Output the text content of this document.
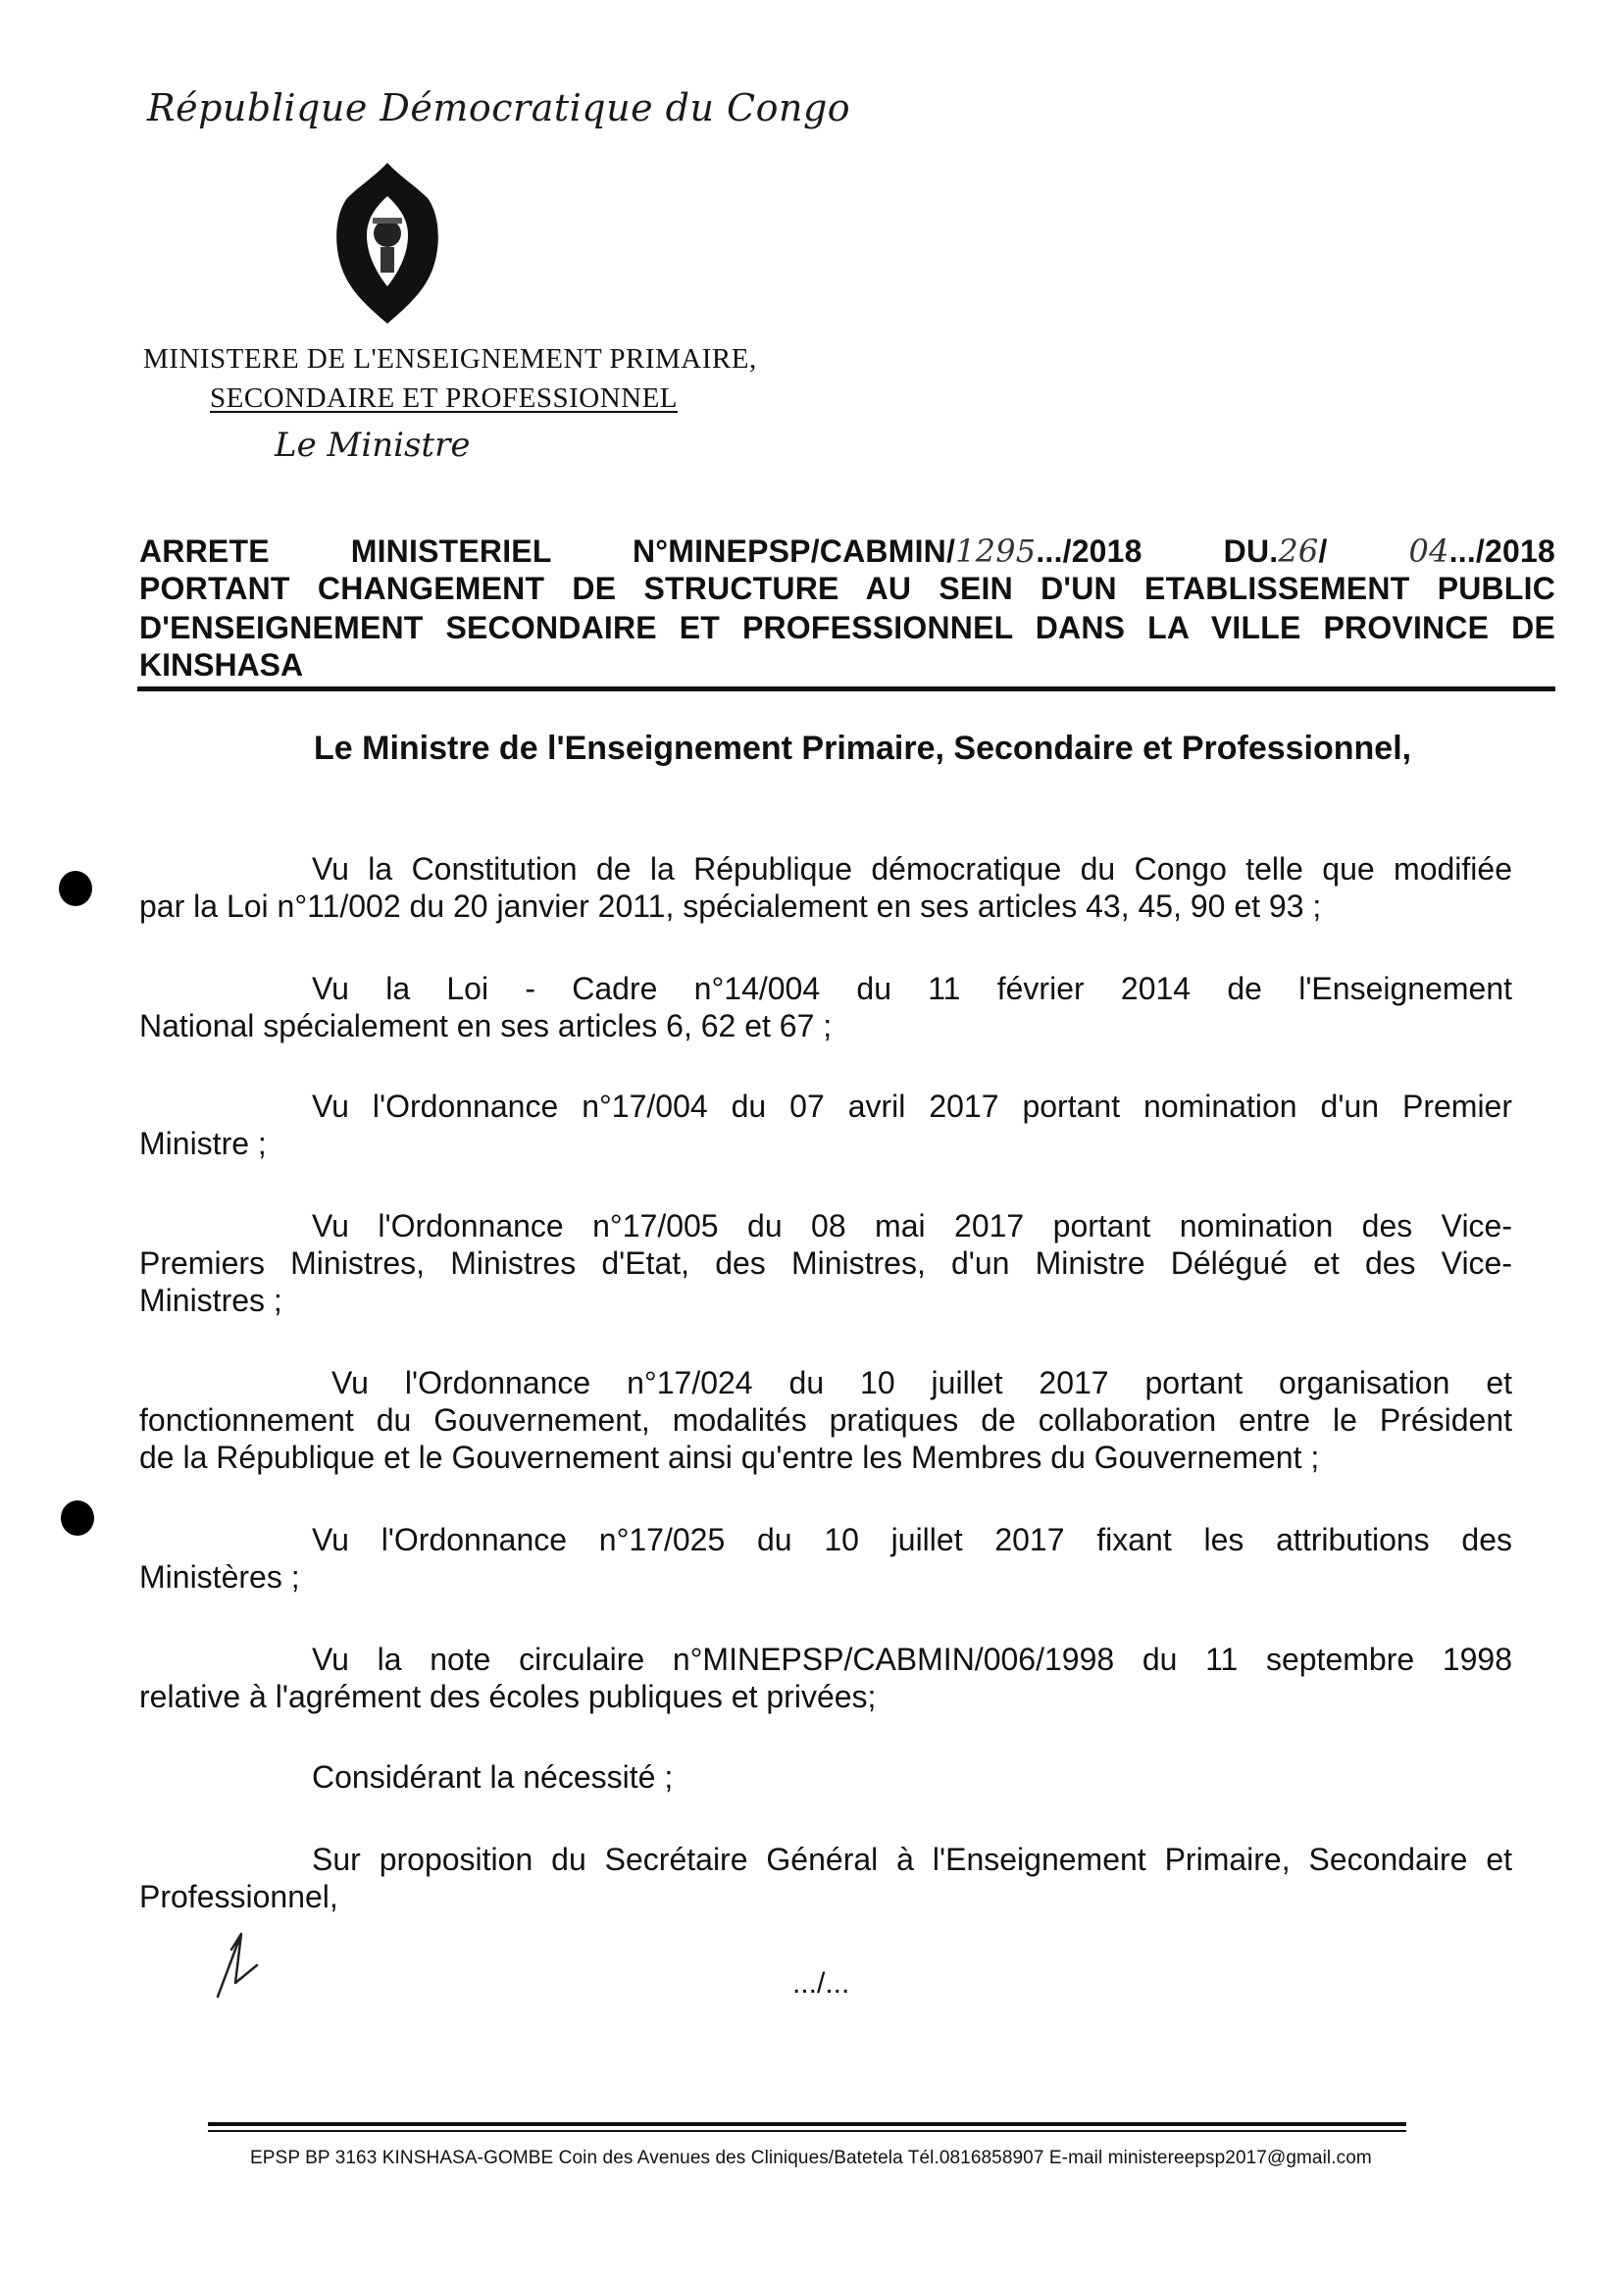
République Démocratique du Congo
MINISTERE DE L'ENSEIGNEMENT PRIMAIRE,
SECONDAIRE ET PROFESSIONNEL
Le Ministre
ARRETE MINISTERIEL N°MINEPSP/CABMIN/1295.../2018 DU.26/ 04.../2018
PORTANT CHANGEMENT DE STRUCTURE AU SEIN D'UN ETABLISSEMENT PUBLIC
D'ENSEIGNEMENT SECONDAIRE ET PROFESSIONNEL DANS LA VILLE PROVINCE DE
KINSHASA
Le Ministre de l'Enseignement Primaire, Secondaire et Professionnel,
Vu la Constitution de la République démocratique du Congo telle que modifiée
par la Loi n°11/002 du 20 janvier 2011, spécialement en ses articles 43, 45, 90 et 93 ;
Vu la Loi - Cadre n°14/004 du 11 février 2014 de l'Enseignement
National spécialement en ses articles 6, 62 et 67 ;
Vu l'Ordonnance n°17/004 du 07 avril 2017 portant nomination d'un Premier
Ministre ;
Vu l'Ordonnance n°17/005 du 08 mai 2017 portant nomination des Vice-
Premiers Ministres, Ministres d'Etat, des Ministres, d'un Ministre Délégué et des Vice-
Ministres ;
Vu l'Ordonnance n°17/024 du 10 juillet 2017 portant organisation et
fonctionnement du Gouvernement, modalités pratiques de collaboration entre le Président
de la République et le Gouvernement ainsi qu'entre les Membres du Gouvernement ;
Vu l'Ordonnance n°17/025 du 10 juillet 2017 fixant les attributions des
Ministères ;
Vu la note circulaire n°MINEPSP/CABMIN/006/1998 du 11 septembre 1998
relative à l'agrément des écoles publiques et privées;
Considérant la nécessité ;
Sur proposition du Secrétaire Général à l'Enseignement Primaire, Secondaire et
Professionnel,
.../...
EPSP BP 3163 KINSHASA-GOMBE Coin des Avenues des Cliniques/Batetela Tél.0816858907 E-mail ministereepsp2017@gmail.com
